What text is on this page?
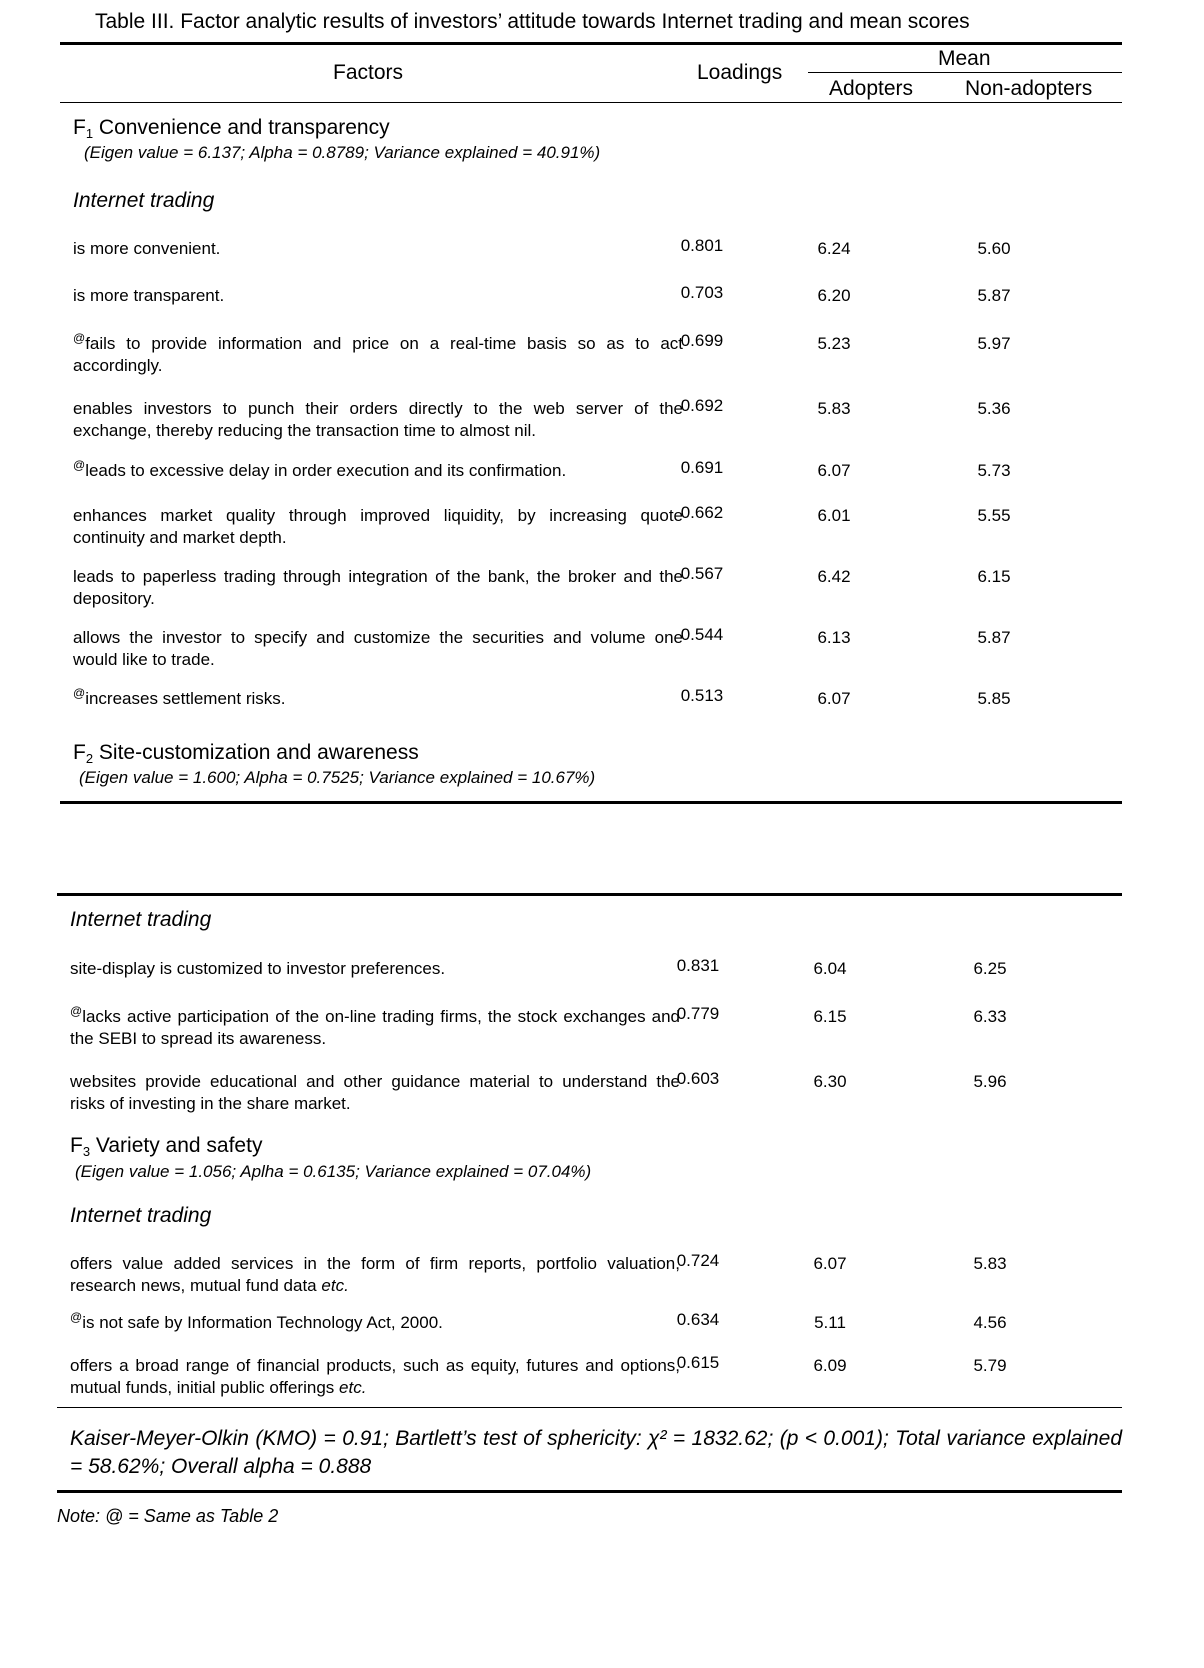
Table III. Factor analytic results of investors’ attitude towards Internet trading and mean scores
Factors	Loadings
Mean
Adopters Non-adopters
$F_1$ Convenience and transparency
(Eigen value = 6.137; Alpha = 0.8789; Variance explained = 40.91%)
Internet trading
is more convenient.	0.801	6.24	5.60
is more transparent.	0.703	6.20	5.87
@fails to provide information and price on a real-time basis so as to act accordingly.
0.699	5.23	5.97
enables investors to punch their orders directly to the web server of the exchange, thereby reducing the transaction time to almost nil.
0.692	5.83	5.36
@leads to excessive delay in order execution and its confirmation.	0.691	6.07	5.73
enhances market quality through improved liquidity, by increasing quote continuity and market depth.
0.662	6.01	5.55
leads to paperless trading through integration of the bank, the broker and the depository.
0.567	6.42	6.15
allows the investor to specify and customize the securities and volume one would like to trade.
0.544	6.13	5.87
@increases settlement risks.	0.513	6.07	5.85
$F_2$ Site-customization and awareness
(Eigen value = 1.600; Alpha = 0.7525; Variance explained = 10.67%)
Internet trading
site-display is customized to investor preferences.	0.831	6.04	6.25
@lacks active participation of the on-line trading firms, the stock exchanges and the SEBI to spread its awareness.
0.779	6.15	6.33
websites provide educational and other guidance material to understand the risks of investing in the share market.
0.603	6.30	5.96
$F_3$ Variety and safety
(Eigen value = 1.056; Aplha = 0.6135; Variance explained = 07.04%)
Internet trading
offers value added services in the form of firm reports, portfolio valuation, research news, mutual fund data etc.
0.724	6.07	5.83
@is not safe by Information Technology Act, 2000.	0.634	5.11	4.56
offers a broad range of financial products, such as equity, futures and options, mutual funds, initial public offerings etc.
0.615	6.09	5.79
Kaiser-Meyer-Olkin (KMO) = 0.91; Bartlett’s test of sphericity: χ² = 1832.62; (p < 0.001); Total variance explained = 58.62%; Overall alpha = 0.888
Note: @ = Same as Table 2
